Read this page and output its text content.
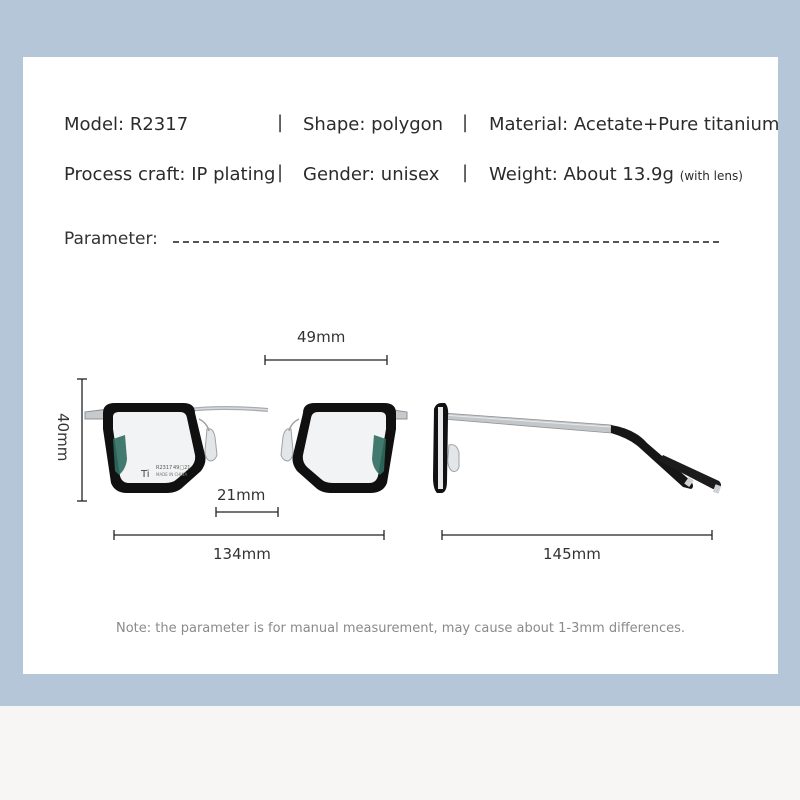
Model: R2317	| Shape: polygon | Material: Acetate+Pure titanium
Process craft: IP plating | Gender: unisex | Weight: About 13.9g (with lens)
Parameter:
Ti
R2317 49□21
MADE IN CHINA
49mm
40mm
21mm
134mm	145mm
Note: the parameter is for manual measurement, may cause about 1-3mm differences.
